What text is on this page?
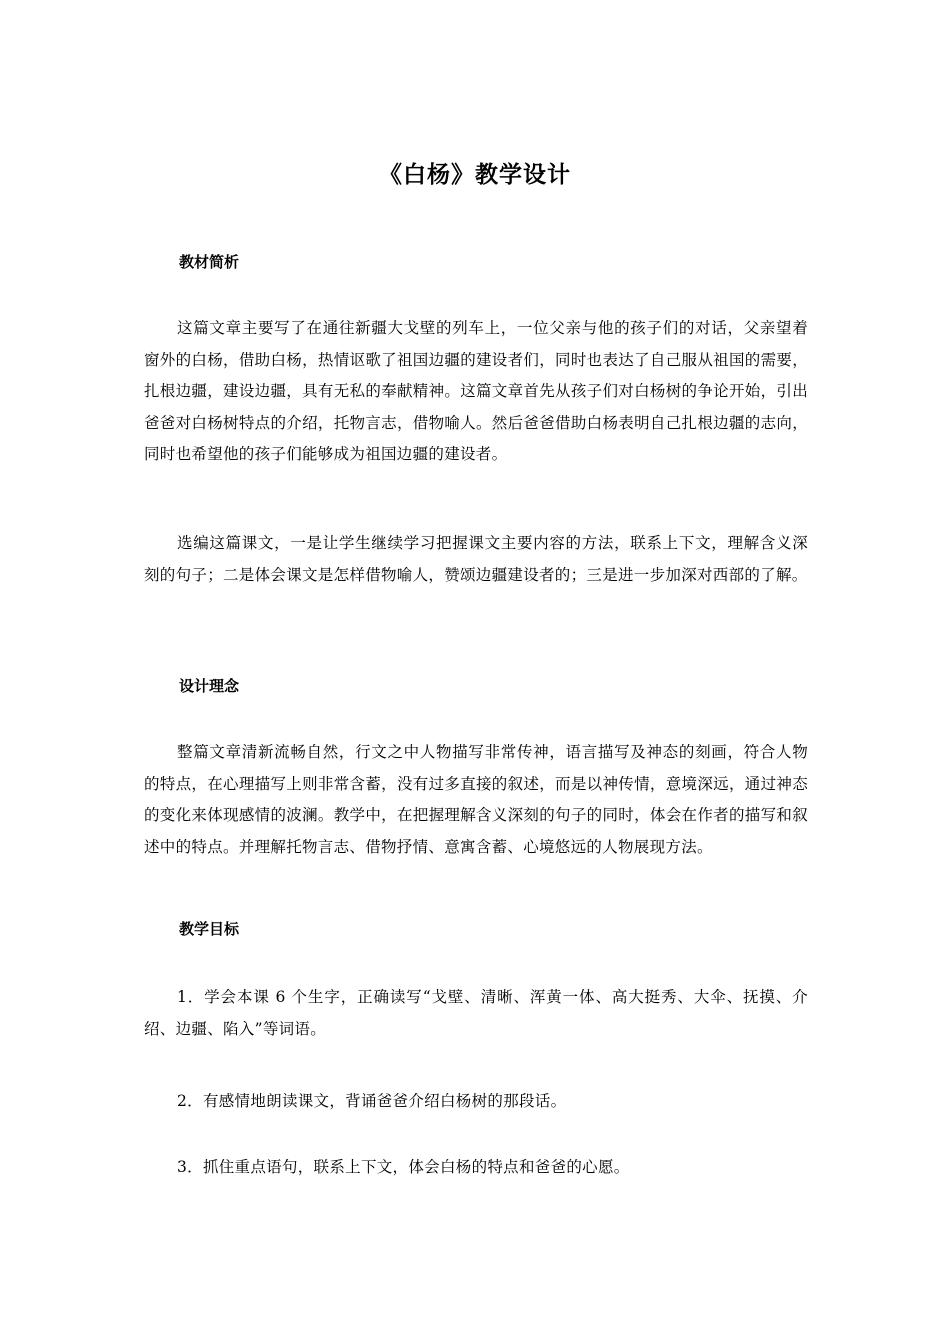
《白杨》教学设计
教材简析
这篇文章主要写了在通往新疆大戈壁的列车上，一位父亲与他的孩子们的对话，父亲望着窗外的白杨，借助白杨，热情讴歌了祖国边疆的建设者们，同时也表达了自己服从祖国的需要，扎根边疆，建设边疆，具有无私的奉献精神。这篇文章首先从孩子们对白杨树的争论开始，引出爸爸对白杨树特点的介绍，托物言志，借物喻人。然后爸爸借助白杨表明自己扎根边疆的志向，同时也希望他的孩子们能够成为祖国边疆的建设者。
选编这篇课文，一是让学生继续学习把握课文主要内容的方法，联系上下文，理解含义深刻的句子；二是体会课文是怎样借物喻人，赞颂边疆建设者的；三是进一步加深对西部的了解。
设计理念
整篇文章清新流畅自然，行文之中人物描写非常传神，语言描写及神态的刻画，符合人物的特点，在心理描写上则非常含蓄，没有过多直接的叙述，而是以神传情，意境深远，通过神态的变化来体现感情的波澜。教学中，在把握理解含义深刻的句子的同时，体会在作者的描写和叙述中的特点。并理解托物言志、借物抒情、意寓含蓄、心境悠远的人物展现方法。
教学目标
1．学会本课 6 个生字，正确读写“戈壁、清晰、浑黄一体、高大挺秀、大伞、抚摸、介绍、边疆、陷入”等词语。
2．有感情地朗读课文，背诵爸爸介绍白杨树的那段话。
3．抓住重点语句，联系上下文，体会白杨的特点和爸爸的心愿。
